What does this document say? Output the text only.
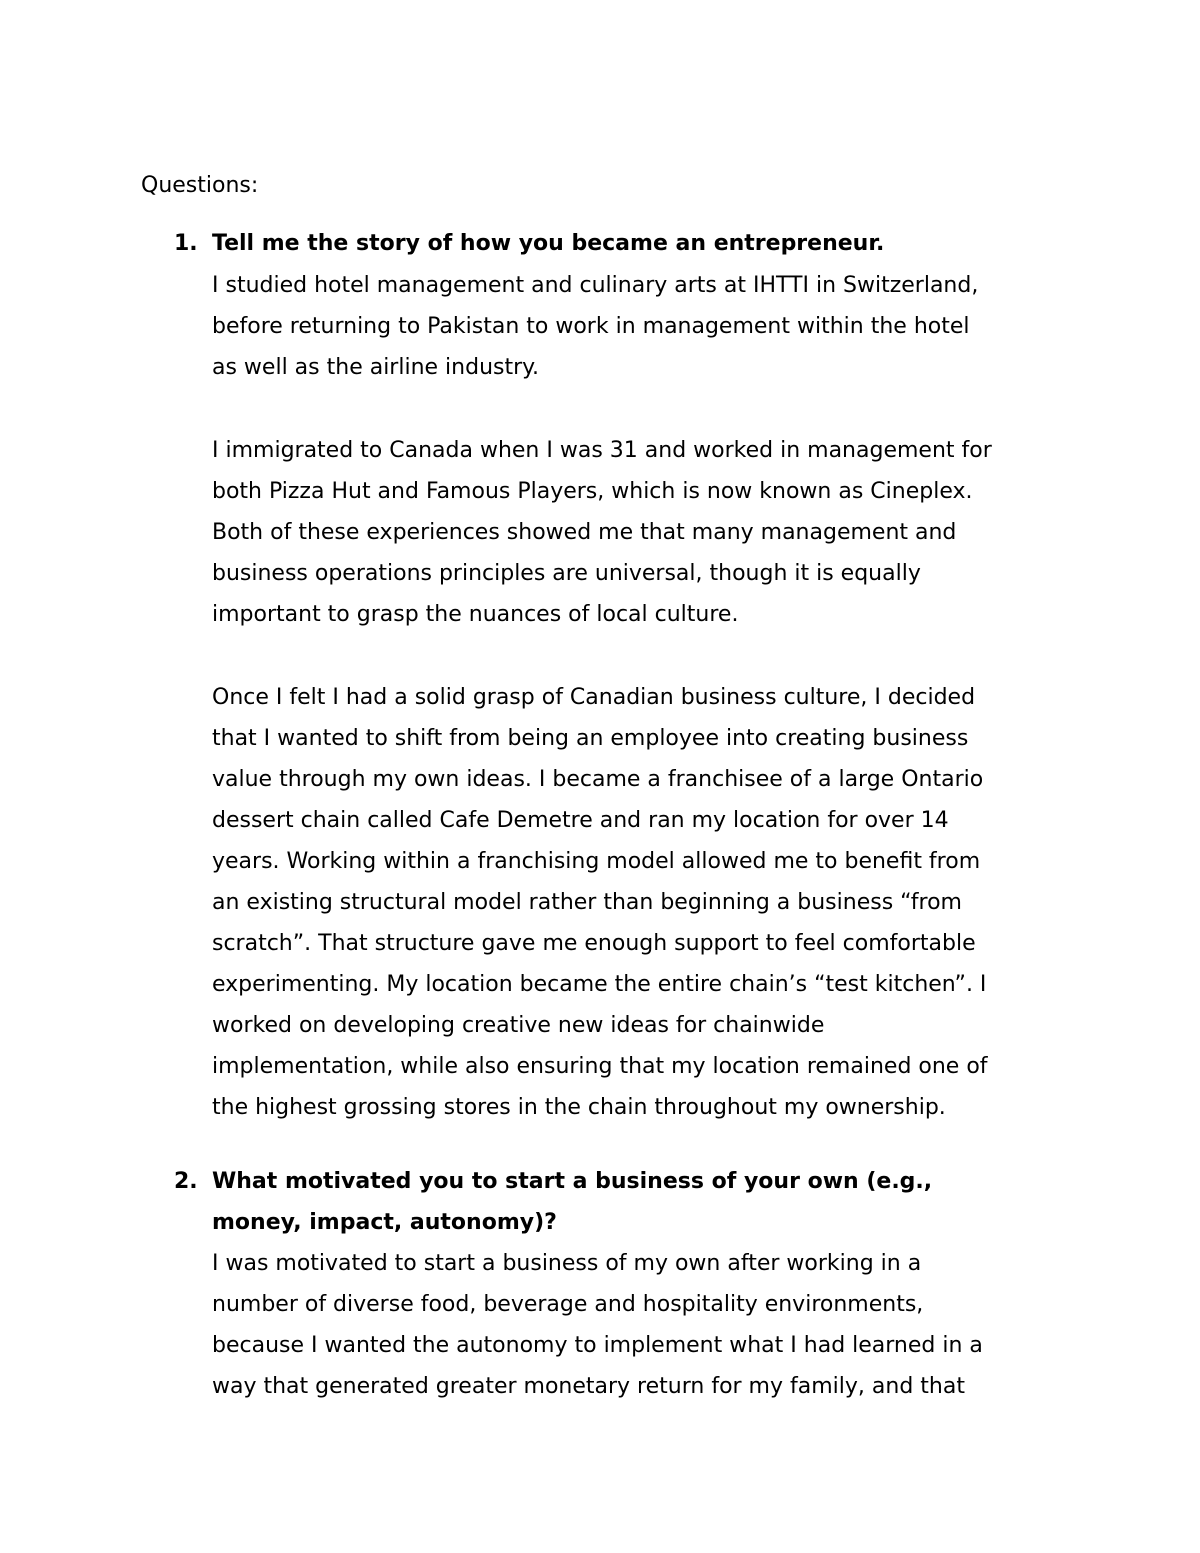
Questions:
1. Tell me the story of how you became an entrepreneur.

I studied hotel management and culinary arts at IHTTI in Switzerland,
before returning to Pakistan to work in management within the hotel
as well as the airline industry.

I immigrated to Canada when I was 31 and worked in management for
both Pizza Hut and Famous Players, which is now known as Cineplex.
Both of these experiences showed me that many management and
business operations principles are universal, though it is equally
important to grasp the nuances of local culture.

Once I felt I had a solid grasp of Canadian business culture, I decided
that I wanted to shift from being an employee into creating business
value through my own ideas. I became a franchisee of a large Ontario
dessert chain called Cafe Demetre and ran my location for over 14
years. Working within a franchising model allowed me to benefit from
an existing structural model rather than beginning a business “from
scratch”. That structure gave me enough support to feel comfortable
experimenting. My location became the entire chain’s “test kitchen”. I
worked on developing creative new ideas for chainwide
implementation, while also ensuring that my location remained one of
the highest grossing stores in the chain throughout my ownership.

2. What motivated you to start a business of your own (e.g.,
money, impact, autonomy)?

I was motivated to start a business of my own after working in a
number of diverse food, beverage and hospitality environments,
because I wanted the autonomy to implement what I had learned in a
way that generated greater monetary return for my family, and that
